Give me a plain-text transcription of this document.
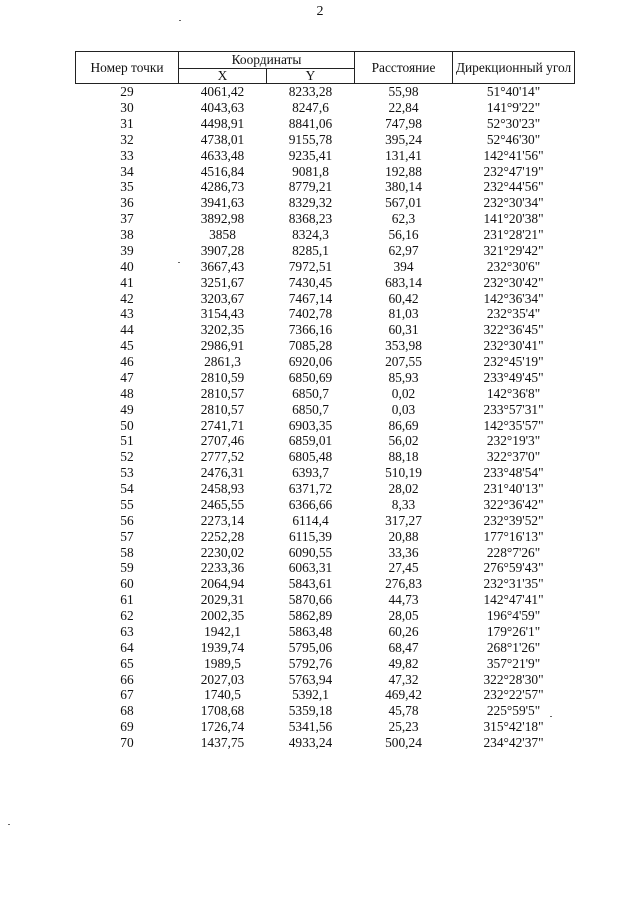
2
Номер точки	Координаты		Расстояние	Дирекционный угол
	X	Y		
29	4061,42	8233,28	55,98	51°40'14"
30	4043,63	8247,6	22,84	141°9'22"
31	4498,91	8841,06	747,98	52°30'23"
32	4738,01	9155,78	395,24	52°46'30"
33	4633,48	9235,41	131,41	142°41'56"
34	4516,84	9081,8	192,88	232°47'19"
35	4286,73	8779,21	380,14	232°44'56"
36	3941,63	8329,32	567,01	232°30'34"
37	3892,98	8368,23	62,3	141°20'38"
38	3858	8324,3	56,16	231°28'21"
39	3907,28	8285,1	62,97	321°29'42"
40	3667,43	7972,51	394	232°30'6"
41	3251,67	7430,45	683,14	232°30'42"
42	3203,67	7467,14	60,42	142°36'34"
43	3154,43	7402,78	81,03	232°35'4"
44	3202,35	7366,16	60,31	322°36'45"
45	2986,91	7085,28	353,98	232°30'41"
46	2861,3	6920,06	207,55	232°45'19"
47	2810,59	6850,69	85,93	233°49'45"
48	2810,57	6850,7	0,02	142°36'8"
49	2810,57	6850,7	0,03	233°57'31"
50	2741,71	6903,35	86,69	142°35'57"
51	2707,46	6859,01	56,02	232°19'3"
52	2777,52	6805,48	88,18	322°37'0"
53	2476,31	6393,7	510,19	233°48'54"
54	2458,93	6371,72	28,02	231°40'13"
55	2465,55	6366,66	8,33	322°36'42"
56	2273,14	6114,4	317,27	232°39'52"
57	2252,28	6115,39	20,88	177°16'13"
58	2230,02	6090,55	33,36	228°7'26"
59	2233,36	6063,31	27,45	276°59'43"
60	2064,94	5843,61	276,83	232°31'35"
61	2029,31	5870,66	44,73	142°47'41"
62	2002,35	5862,89	28,05	196°4'59"
63	1942,1	5863,48	60,26	179°26'1"
64	1939,74	5795,06	68,47	268°1'26"
65	1989,5	5792,76	49,82	357°21'9"
66	2027,03	5763,94	47,32	322°28'30"
67	1740,5	5392,1	469,42	232°22'57"
68	1708,68	5359,18	45,78	225°59'5"
69	1726,74	5341,56	25,23	315°42'18"
70	1437,75	4933,24	500,24	234°42'37"
